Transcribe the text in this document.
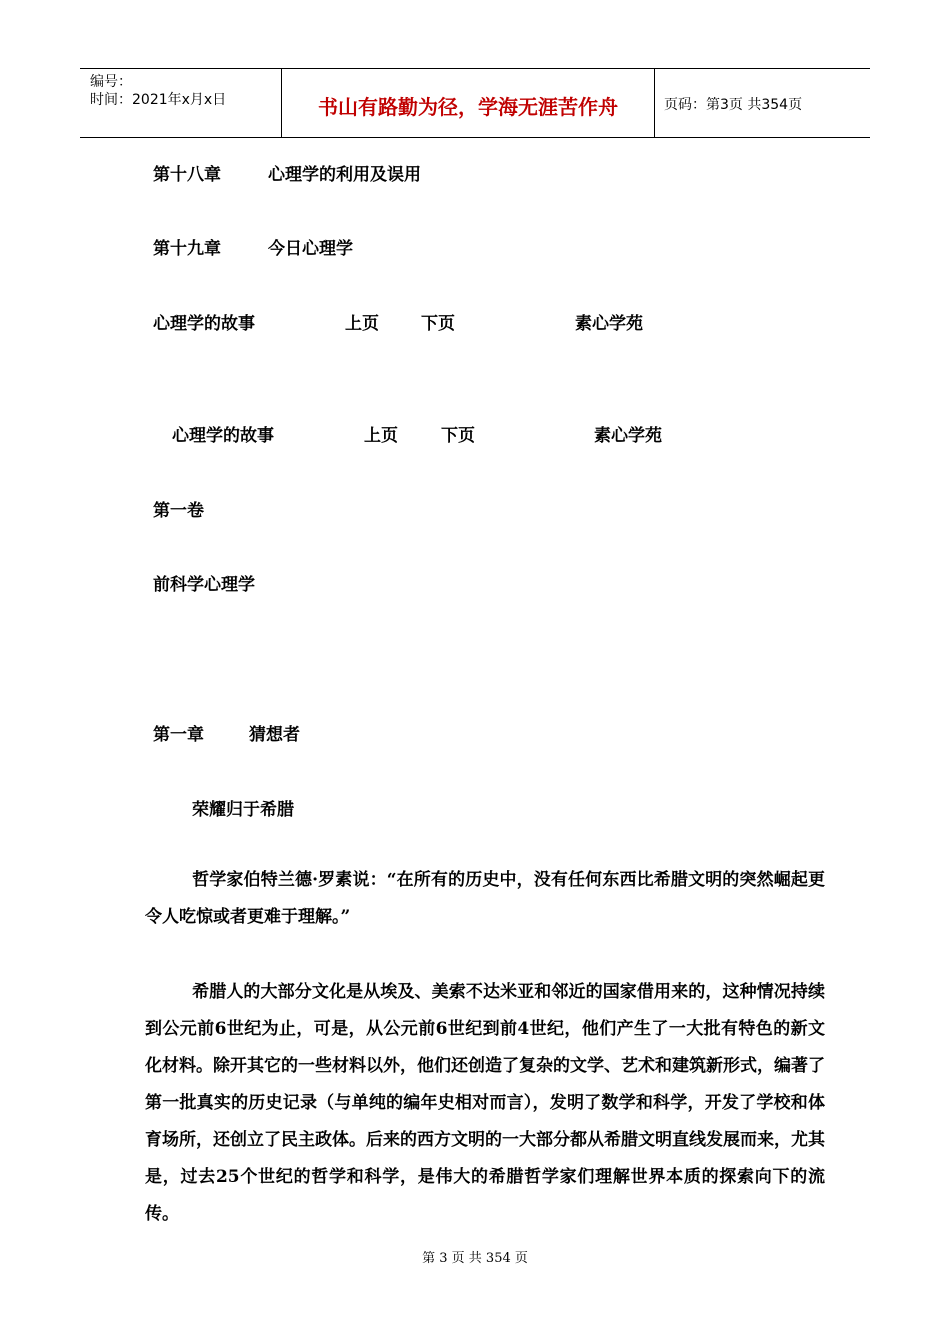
编号：
时间：2021年x月x日	书山有路勤为径，学海无涯苦作舟	页码：第3页 共354页
第十八章	心理学的利用及误用
第十九章	今日心理学
心理学的故事	上页 下页	素心学苑
心理学的故事	上页	下页	素心学苑
第一卷
前科学心理学
第一章	猜想者
荣耀归于希腊
哲学家伯特兰德·罗素说：“在所有的历史中，没有任何东西比希腊文明的突然崛起更令人吃惊或者更难于理解。”
希腊人的大部分文化是从埃及、美索不达米亚和邻近的国家借用来的，这种情况持续到公元前6世纪为止，可是，从公元前6世纪到前4世纪，他们产生了一大批有特色的新文化材料。除开其它的一些材料以外，他们还创造了复杂的文学、艺术和建筑新形式，编著了第一批真实的历史记录（与单纯的编年史相对而言），发明了数学和科学，开发了学校和体育场所，还创立了民主政体。后来的西方文明的一大部分都从希腊文明直线发展而来，尤其是，过去25个世纪的哲学和科学，是伟大的希腊哲学家们理解世界本质的探索向下的流传。
第 3 页 共 354 页
